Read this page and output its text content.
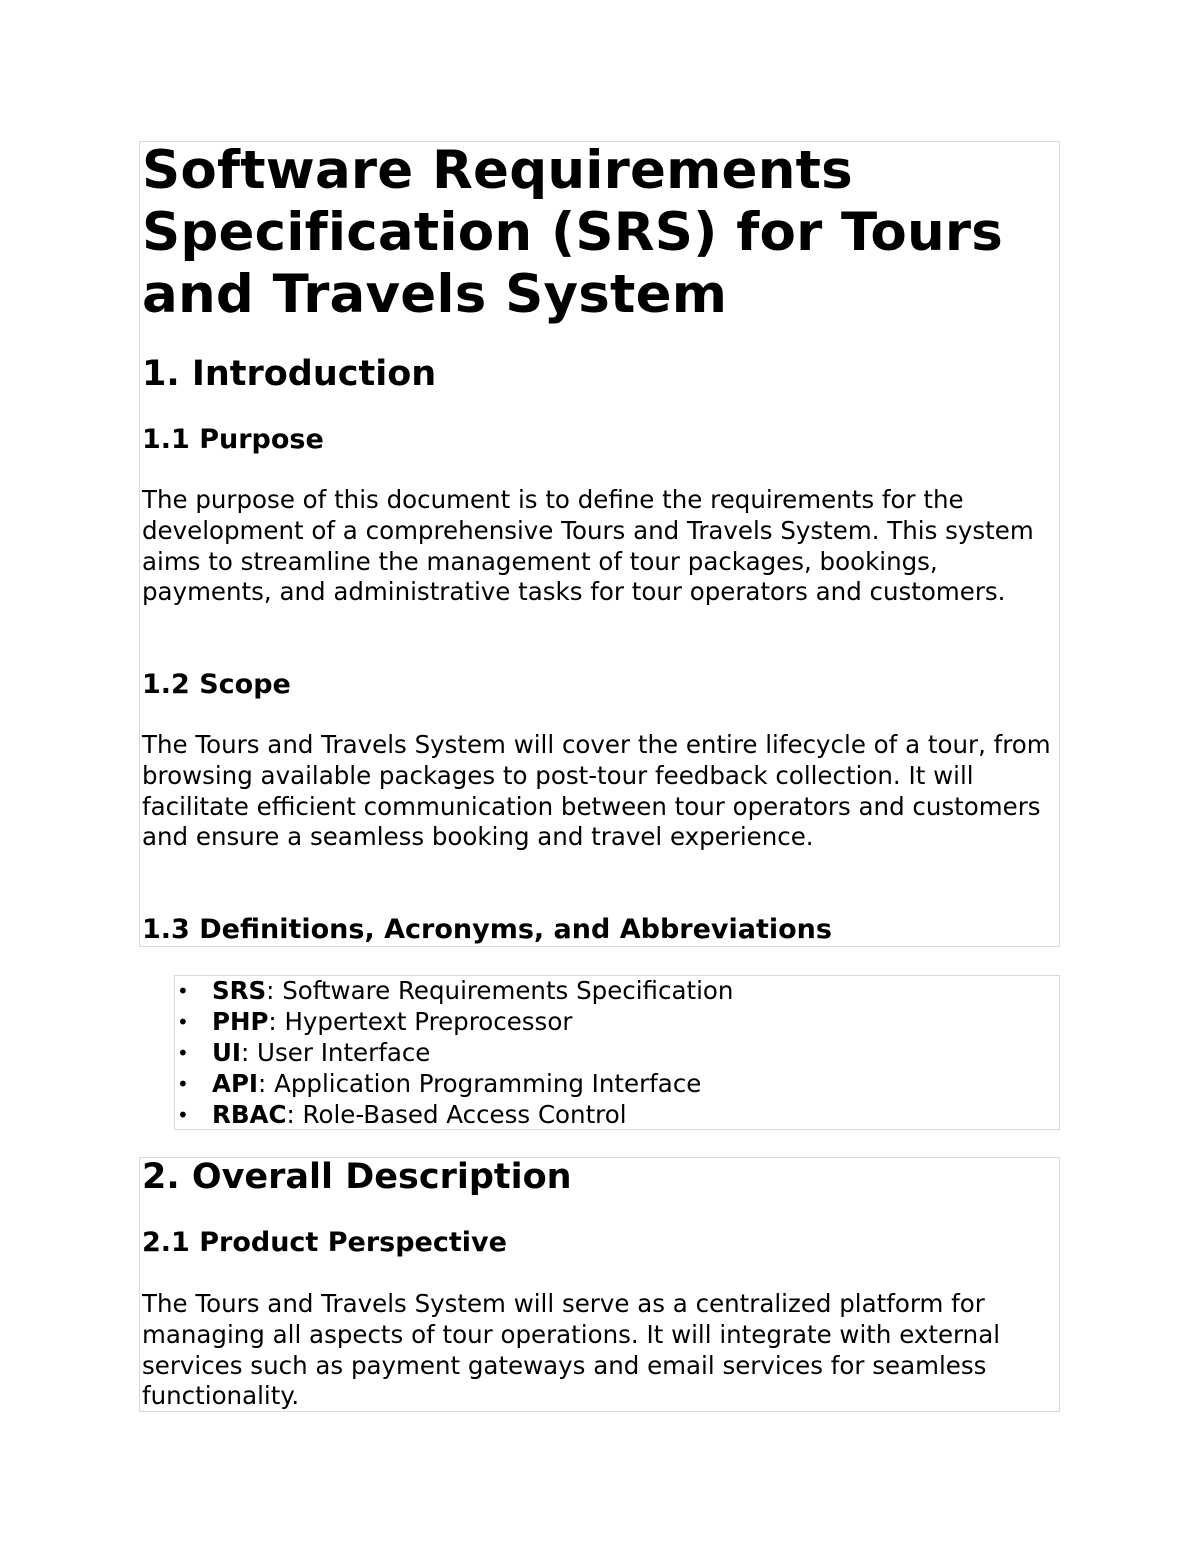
Software Requirements Specification (SRS) for Tours and Travels System
1. Introduction
1.1 Purpose

The purpose of this document is to define the requirements for the development of a comprehensive Tours and Travels System. This system aims to streamline the management of tour packages, bookings, payments, and administrative tasks for tour operators and customers.

1.2 Scope

The Tours and Travels System will cover the entire lifecycle of a tour, from browsing available packages to post-tour feedback collection. It will facilitate efficient communication between tour operators and customers and ensure a seamless booking and travel experience.

1.3 Definitions, Acronyms, and Abbreviations
• SRS: Software Requirements Specification
• PHP: Hypertext Preprocessor
• UI: User Interface
• API: Application Programming Interface
• RBAC: Role-Based Access Control
2. Overall Description
2.1 Product Perspective

The Tours and Travels System will serve as a centralized platform for managing all aspects of tour operations. It will integrate with external services such as payment gateways and email services for seamless functionality.
